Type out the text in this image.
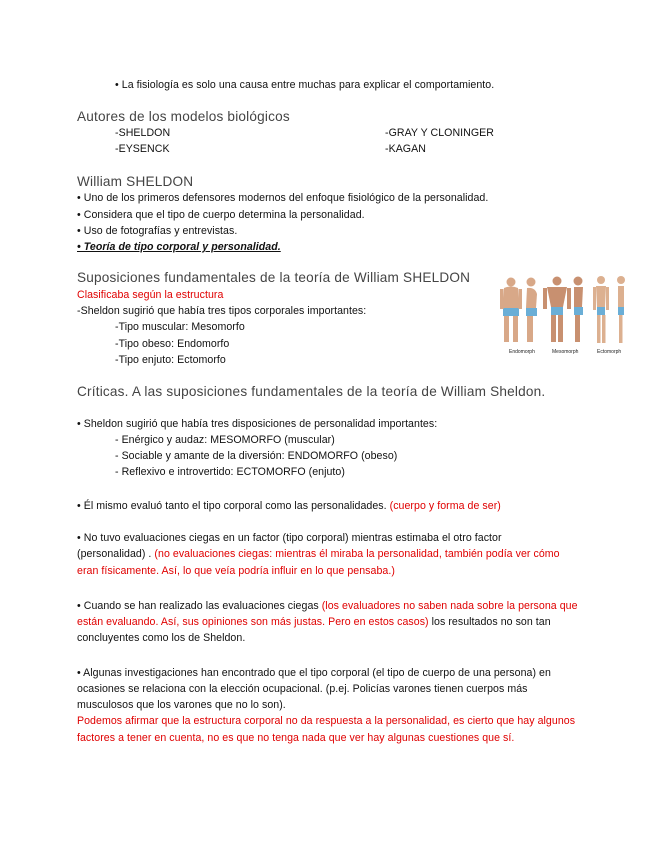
• La fisiología es solo una causa entre muchas para explicar el comportamiento.
Autores de los modelos biológicos
-SHELDON
-EYSENCK
-GRAY Y CLONINGER
-KAGAN
William SHELDON
• Uno de los primeros defensores modernos del enfoque fisiológico de la personalidad.
• Considera que el tipo de cuerpo determina la personalidad.
• Uso de fotografías y entrevistas.
• Teoría de tipo corporal y personalidad.
Suposiciones fundamentales de la teoría de William SHELDON
Clasificaba según la estructura
-Sheldon sugirió que había tres tipos corporales importantes:
-Tipo muscular: Mesomorfo
-Tipo obeso: Endomorfo
-Tipo enjuto: Ectomorfo
Endomorph	Mesomorph	Ectomorph
Críticas. A las suposiciones fundamentales de la teoría de William Sheldon.
• Sheldon sugirió que había tres disposiciones de personalidad importantes:
- Enérgico y audaz: MESOMORFO (muscular)
- Sociable y amante de la diversión: ENDOMORFO (obeso)
- Reflexivo e introvertido: ECTOMORFO (enjuto)
• Él mismo evaluó tanto el tipo corporal como las personalidades. (cuerpo y forma de ser)
• No tuvo evaluaciones ciegas en un factor (tipo corporal) mientras estimaba el otro factor
(personalidad) . (no evaluaciones ciegas: mientras él miraba la personalidad, también podía ver cómo
eran físicamente. Así, lo que veía podría influir en lo que pensaba.)
• Cuando se han realizado las evaluaciones ciegas (los evaluadores no saben nada sobre la persona que
están evaluando. Así, sus opiniones son más justas. Pero en estos casos) los resultados no son tan
concluyentes como los de Sheldon.
• Algunas investigaciones han encontrado que el tipo corporal (el tipo de cuerpo de una persona) en
ocasiones se relaciona con la elección ocupacional. (p.ej. Policías varones tienen cuerpos más
musculosos que los varones que no lo son).
Podemos afirmar que la estructura corporal no da respuesta a la personalidad, es cierto que hay algunos
factores a tener en cuenta, no es que no tenga nada que ver hay algunas cuestiones que sí.
